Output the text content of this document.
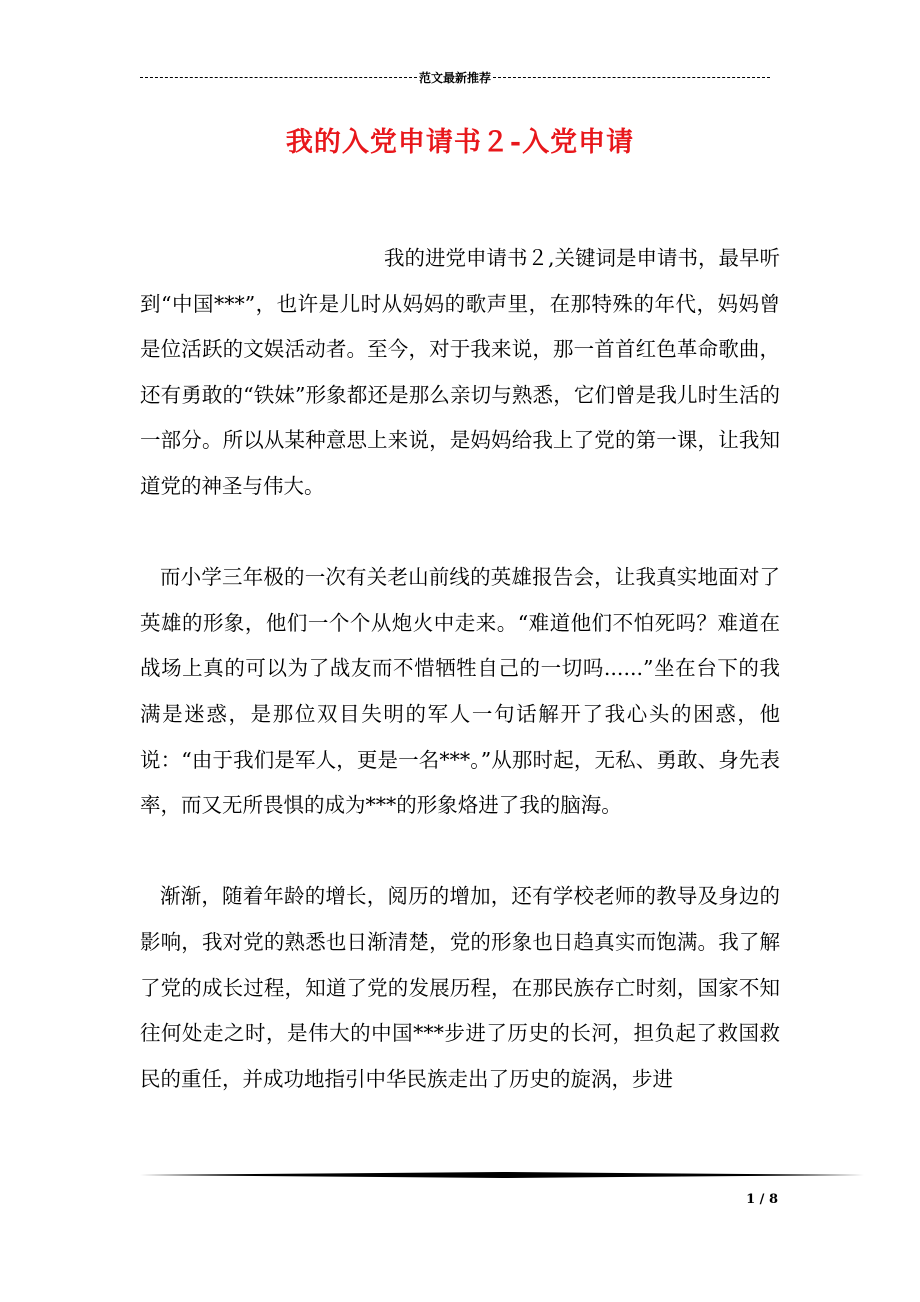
范文最新推荐
我的入党申请书２-入党申请

我的进党申请书２,关键词是申请书，最早听到“中国***”，也许是儿时从妈妈的歌声里，在那特殊的年代，妈妈曾是位活跃的文娱活动者。至今，对于我来说，那一首首红色革命歌曲，还有勇敢的“铁妹”形象都还是那么亲切与熟悉，它们曾是我儿时生活的一部分。所以从某种意思上来说，是妈妈给我上了党的第一课，让我知道党的神圣与伟大。

而小学三年极的一次有关老山前线的英雄报告会，让我真实地面对了英雄的形象，他们一个个从炮火中走来。“难道他们不怕死吗？难道在战场上真的可以为了战友而不惜牺牲自己的一切吗......”坐在台下的我满是迷惑，是那位双目失明的军人一句话解开了我心头的困惑，他说：“由于我们是军人，更是一名***。”从那时起，无私、勇敢、身先表率，而又无所畏惧的成为***的形象烙进了我的脑海。

渐渐，随着年龄的增长，阅历的增加，还有学校老师的教导及身边的影响，我对党的熟悉也日渐清楚，党的形象也日趋真实而饱满。我了解了党的成长过程，知道了党的发展历程，在那民族存亡时刻，国家不知往何处走之时，是伟大的中国***步进了历史的长河，担负起了救国救民的重任，并成功地指引中华民族走出了历史的旋涡，步进

1 / 8
